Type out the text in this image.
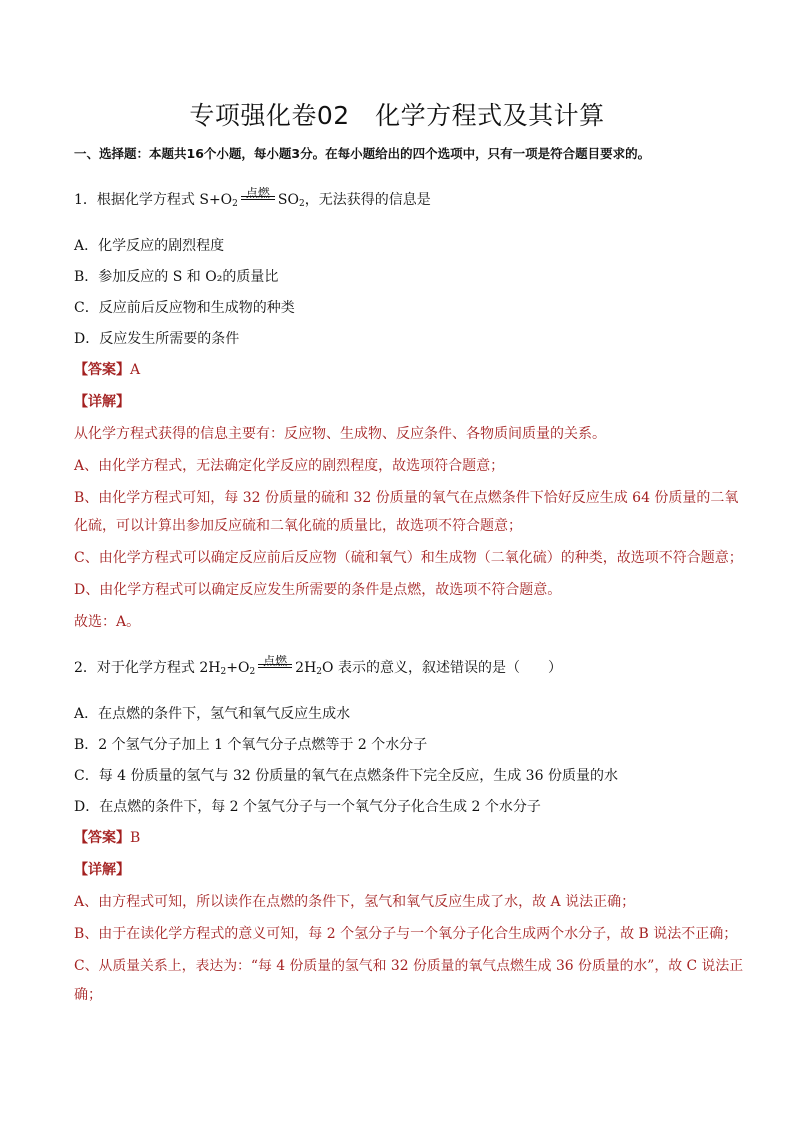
专项强化卷02　化学方程式及其计算
一、选择题：本题共16个小题，每小题3分。在每小题给出的四个选项中，只有一项是符合题目要求的。
1．根据化学方程式 $S+O_2$
点燃 $SO_2$，无法获得的信息是
A．化学反应的剧烈程度
B．参加反应的 S 和 O₂的质量比
C．反应前后反应物和生成物的种类
D．反应发生所需要的条件
【答案】A
【详解】
从化学方程式获得的信息主要有：反应物、生成物、反应条件、各物质间质量的关系。
A、由化学方程式，无法确定化学反应的剧烈程度，故选项符合题意；
B、由化学方程式可知，每 32 份质量的硫和 32 份质量的氧气在点燃条件下恰好反应生成 64 份质量的二氧
化硫，可以计算出参加反应硫和二氧化硫的质量比，故选项不符合题意；
C、由化学方程式可以确定反应前后反应物（硫和氧气）和生成物（二氧化硫）的种类，故选项不符合题意；
D、由化学方程式可以确定反应发生所需要的条件是点燃，故选项不符合题意。
故选：A。
2．对于化学方程式 $2H_2+O_2$
点燃 $2H_2O$ 表示的意义，叙述错误的是（　　）
A．在点燃的条件下，氢气和氧气反应生成水
B．2 个氢气分子加上 1 个氧气分子点燃等于 2 个水分子
C．每 4 份质量的氢气与 32 份质量的氧气在点燃条件下完全反应，生成 36 份质量的水
D．在点燃的条件下，每 2 个氢气分子与一个氧气分子化合生成 2 个水分子
【答案】B
【详解】
A、由方程式可知，所以读作在点燃的条件下，氢气和氧气反应生成了水，故 A 说法正确；
B、由于在读化学方程式的意义可知，每 2 个氢分子与一个氧分子化合生成两个水分子，故 B 说法不正确；
C、从质量关系上，表达为：“每 4 份质量的氢气和 32 份质量的氧气点燃生成 36 份质量的水”，故 C 说法正
确；
